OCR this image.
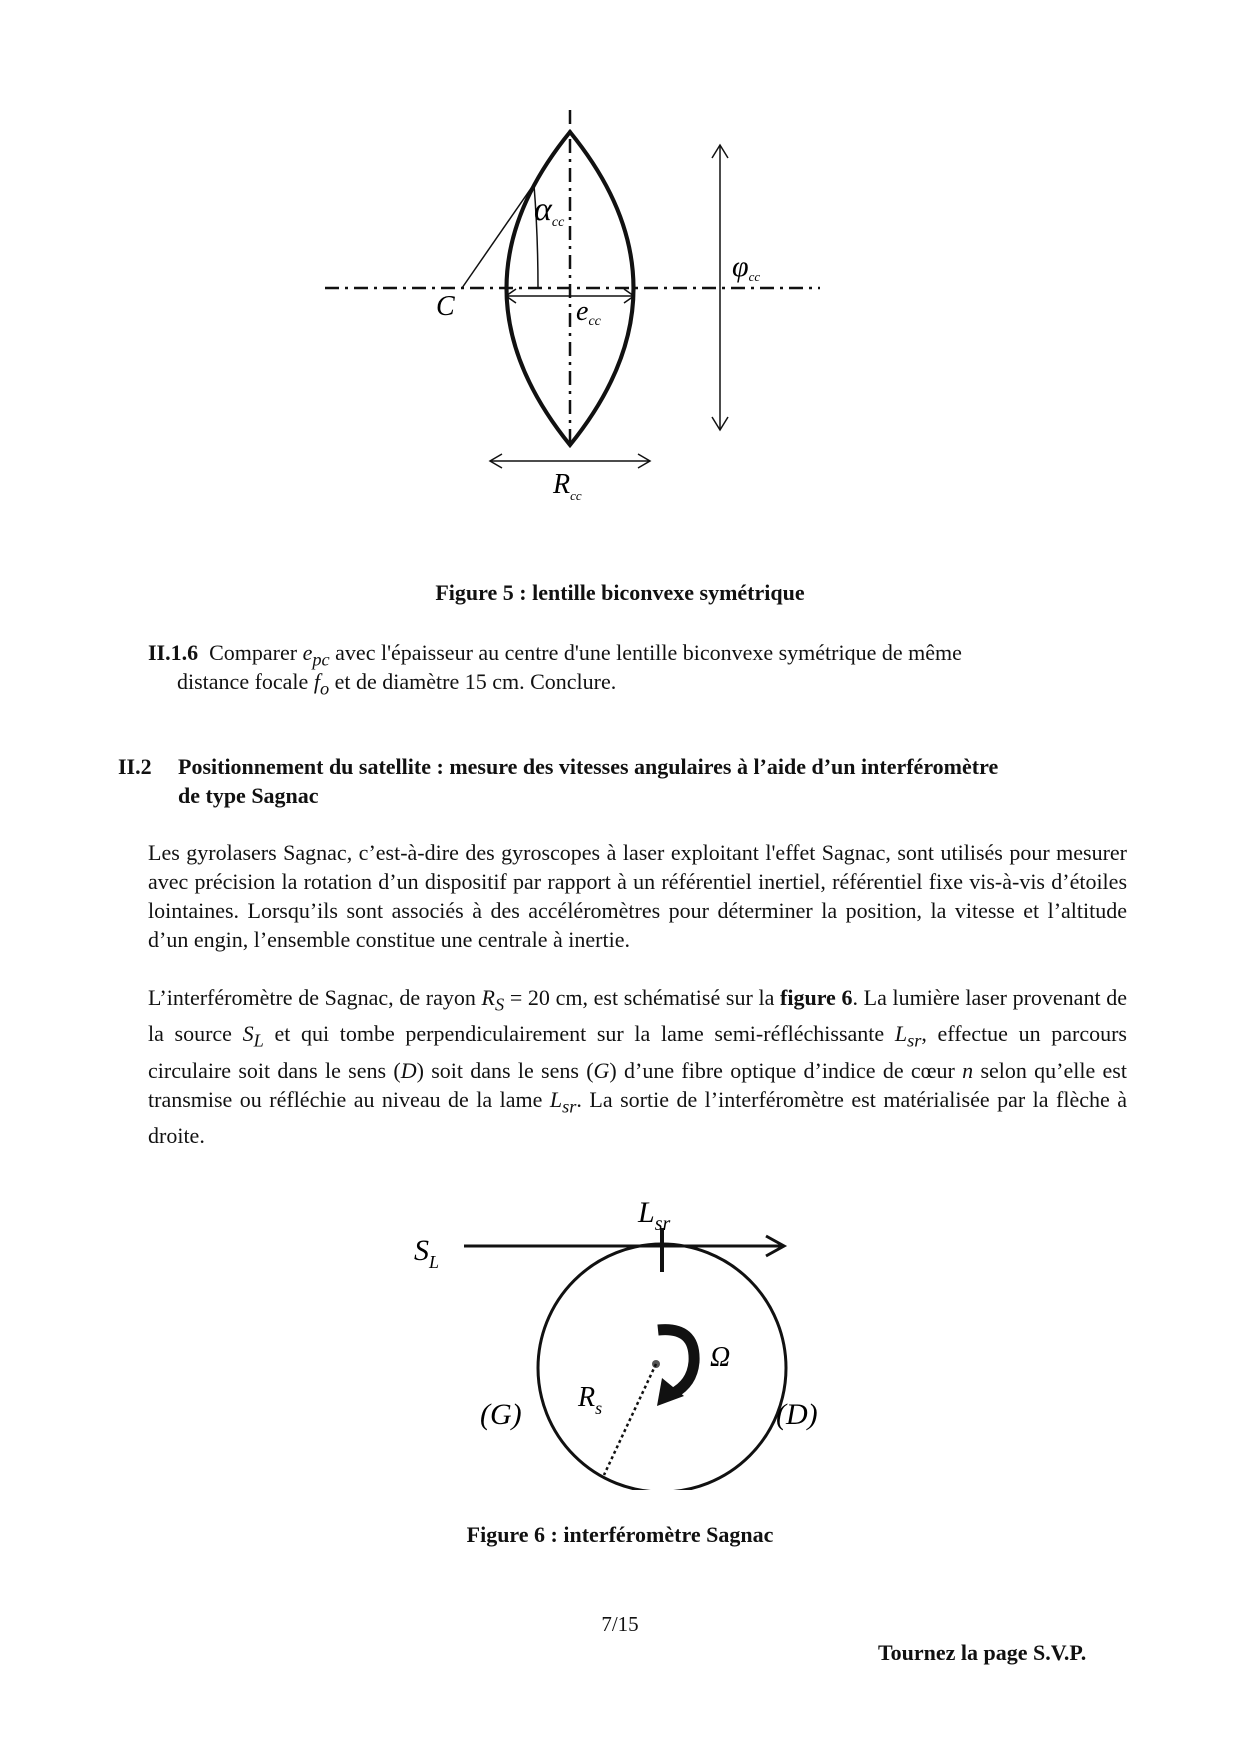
αcc
C	ecc
φcc
$R_{cc}$
Figure 5 : lentille biconvexe symétrique
II.1.6 Comparer $e_{pc}$ avec l'épaisseur au centre d'une lentille biconvexe symétrique de même
distance focale $f_o$ et de diamètre 15 cm. Conclure.
II.2 Positionnement du satellite : mesure des vitesses angulaires à l’aide d’un interféromètre
de type Sagnac
Les gyrolasers Sagnac, c’est-à-dire des gyroscopes à laser exploitant l'effet Sagnac, sont utilisés pour mesurer avec précision la rotation d’un dispositif par rapport à un référentiel inertiel, référentiel fixe vis-à-vis d’étoiles lointaines. Lorsqu’ils sont associés à des accéléromètres pour déterminer la position, la vitesse et l’altitude d’un engin, l’ensemble constitue une centrale à inertie.
L’interféromètre de Sagnac, de rayon $R_S = 20$ cm, est schématisé sur la figure 6. La lumière laser provenant de la source $S_L$ et qui tombe perpendiculairement sur la lame semi-réfléchissante $L_{sr}$, effectue un parcours circulaire soit dans le sens (D) soit dans le sens (G) d’une fibre optique d’indice de cœur n selon qu’elle est transmise ou réfléchie au niveau de la lame $L_{sr}$. La sortie de l’interféromètre est matérialisée par la flèche à droite.
$L_{sr}$
$S_L$
Ω
$R_s$
(G)	(D)
Figure 6 : interféromètre Sagnac
7/15
Tournez la page S.V.P.
